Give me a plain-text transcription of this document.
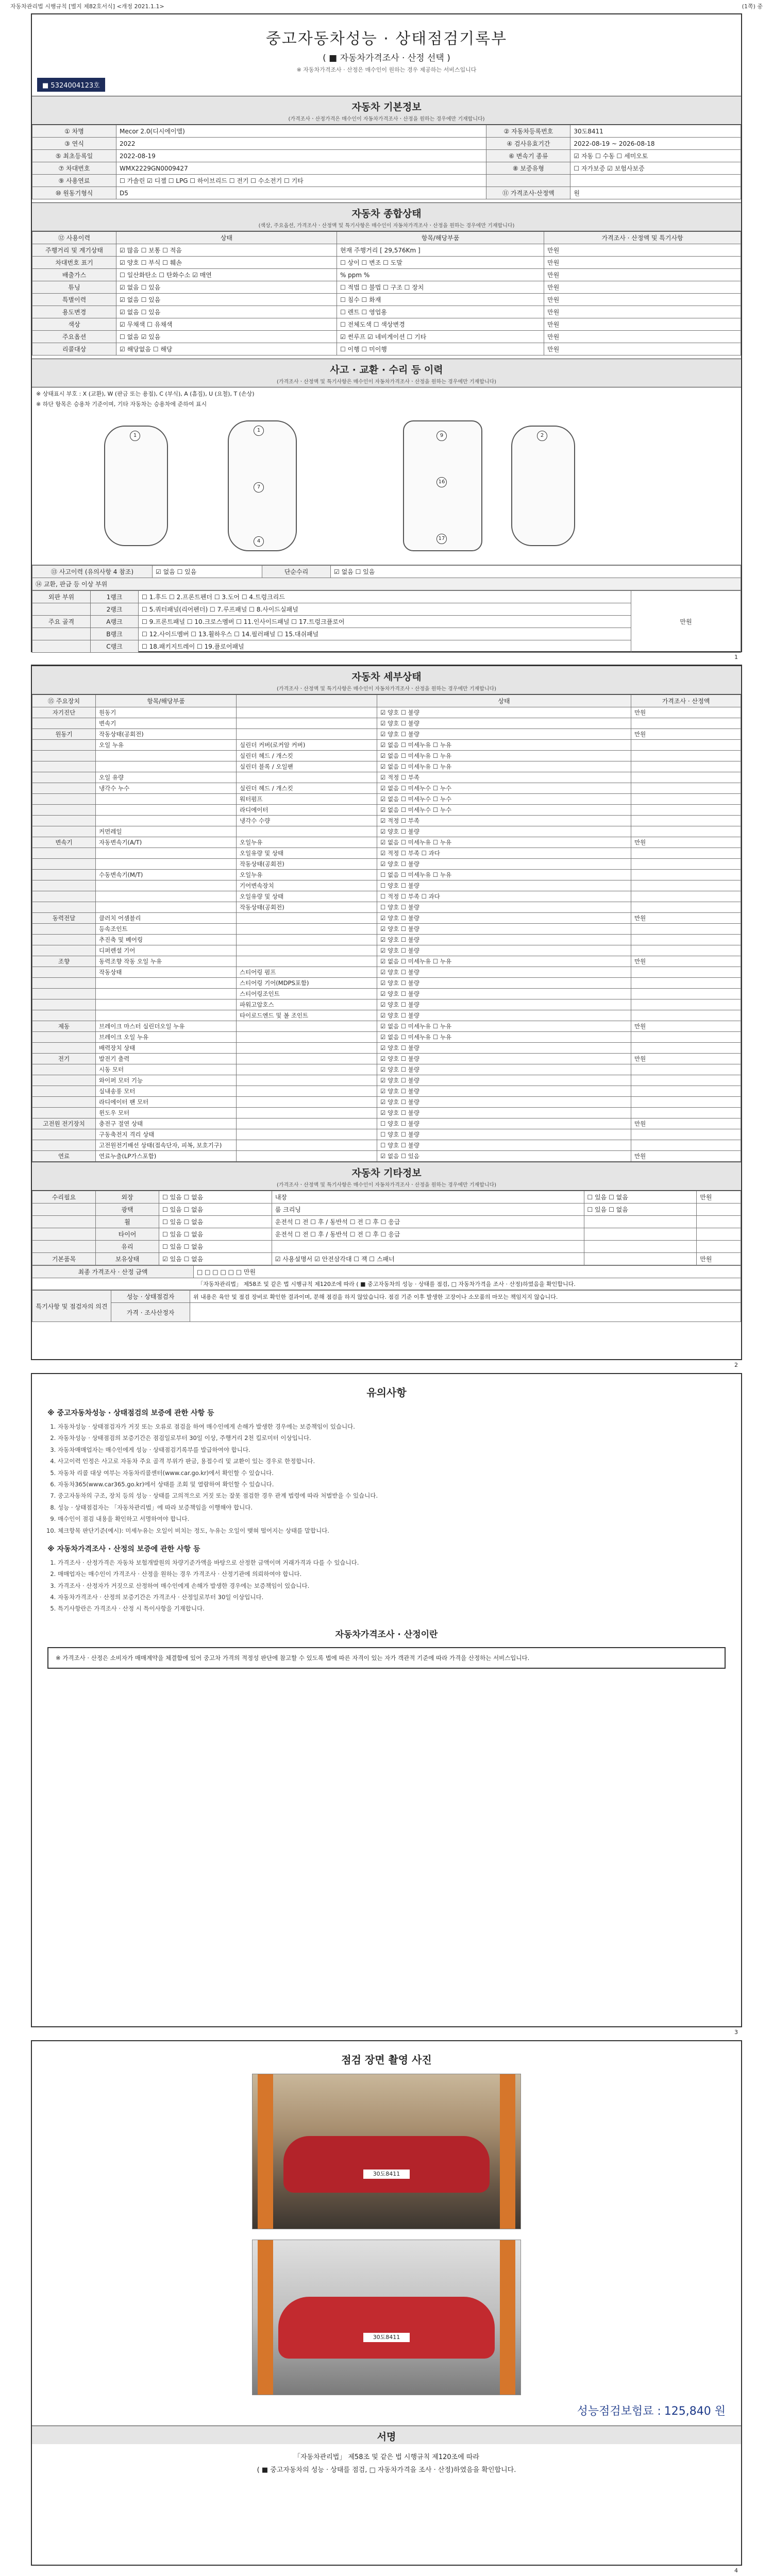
자동차관리법 시행규칙 [별지 제82호서식] <개정 2021.1.1>	(1쪽) 중
중고자동차성능 · 상태점검기록부
( ■ 자동차가격조사 · 산정 선택 )
※ 자동차가격조사 · 산정은 매수인이 원하는 경우 제공하는 서비스입니다
■ 5324004123호
자동차 기본정보
(가격조사ㆍ산정가격은 매수인이 자동차가격조사ㆍ산정을 원하는 경우에만 기재합니다)
① 차명	Mecor 2.0(디시에이앨)	② 자동차등록번호	30도8411
③ 연식	2022	④ 검사유효기간	2022-08-19 ~ 2026-08-18
⑤ 최초등록일	2022-08-19	⑥ 변속기 종류	☑ 자동 ☐ 수동 ☐ 세미오토
⑦ 차대번호	WMX2229GN0009427	⑧ 보증유형	☐ 자가보증 ☑ 보험사보증
⑨ 사용연료	☐ 가솔린 ☑ 디젤 ☐ LPG ☐ 하이브리드 ☐ 전기 ☐ 수소전기 ☐ 기타		
⑩ 원동기형식	D5	⑪ 가격조사·산정액	원
자동차 종합상태
(색상, 주요옵션, 가격조사ㆍ산정액 및 특기사항은 매수인이 자동차가격조사ㆍ산정을 원하는 경우에만 기재합니다)
⑫ 사용이력	상태	항목/해당부품	가격조사 · 산정액 및 특기사항
주행거리 및 계기상태	☑ 많음 ☐ 보통 ☐ 적음	현재 주행거리 [ 29,576Km ]	만원
차대번호 표기	☑ 양호 ☐ 부식 ☐ 훼손	☐ 상이 ☐ 변조 ☐ 도말	만원
배출가스	☐ 일산화탄소 ☐ 탄화수소 ☑ 매연	% ppm %	만원
튜닝	☑ 없음 ☐ 있음	☐ 적법 ☐ 불법 ☐ 구조 ☐ 장치	만원
특별이력	☑ 없음 ☐ 있음	☐ 침수 ☐ 화재	만원
용도변경	☑ 없음 ☐ 있음	☐ 렌트 ☐ 영업용	만원
색상	☑ 무채색 ☐ 유채색	☐ 전체도색 ☐ 색상변경	만원
주요옵션	☐ 없음 ☑ 있음	☑ 썬루프 ☑ 네비게이션 ☐ 기타	만원
리콜대상	☑ 해당없음 ☐ 해당	☐ 이행 ☐ 미이행	만원
사고 · 교환 · 수리 등 이력
(가격조사ㆍ산정액 및 특기사항은 매수인이 자동차가격조사ㆍ산정을 원하는 경우에만 기재합니다)
※ 상태표시 부호 : X (교환), W (판금 또는 용접), C (부식), A (흠집), U (요철), T (손상)
※ 하단 항목은 승용차 기준이며, 기타 자동차는 승용차에 준하여 표시
1
1
7
4
9
16
17
2
⑬ 사고이력 (유의사항 4 참조)	☑ 없음 ☐ 있음	단순수리	☑ 없음 ☐ 있음
⑭ 교환, 판금 등 이상 부위
외판 부위	1랭크	☐ 1.후드 ☐ 2.프론트펜더 ☐ 3.도어 ☐ 4.트렁크리드	만원
	2랭크	☐ 5.쿼터패널(리어펜더) ☐ 7.루프패널 ☐ 8.사이드실패널	
주요 골격	A랭크	☐ 9.프론트패널 ☐ 10.크로스멤버 ☐ 11.인사이드패널 ☐ 17.트렁크플로어	
	B랭크	☐ 12.사이드멤버 ☐ 13.휠하우스 ☐ 14.필러패널 ☐ 15.대쉬패널	
	C랭크	☐ 18.패키지트레이 ☐ 19.플로어패널	
1
자동차 세부상태
(가격조사ㆍ산정액 및 특기사항은 매수인이 자동차가격조사ㆍ산정을 원하는 경우에만 기재합니다)
⑮ 주요장치	항목/해당부품		상태	가격조사 · 산정액
자기진단	원동기		☑ 양호 ☐ 불량	만원
	변속기		☑ 양호 ☐ 불량	
원동기	작동상태(공회전)		☑ 양호 ☐ 불량	만원
	오일 누유	실린더 커버(로커암 커버)	☑ 없음 ☐ 미세누유 ☐ 누유	
		실린더 헤드 / 개스킷	☑ 없음 ☐ 미세누유 ☐ 누유	
		실린더 블록 / 오일팬	☑ 없음 ☐ 미세누유 ☐ 누유	
	오일 유량		☑ 적정 ☐ 부족	
	냉각수 누수	실린더 헤드 / 개스킷	☑ 없음 ☐ 미세누수 ☐ 누수	
		워터펌프	☑ 없음 ☐ 미세누수 ☐ 누수	
		라디에이터	☑ 없음 ☐ 미세누수 ☐ 누수	
		냉각수 수량	☑ 적정 ☐ 부족	
	커먼레일		☑ 양호 ☐ 불량	
변속기	자동변속기(A/T)	오일누유	☑ 없음 ☐ 미세누유 ☐ 누유	만원
		오일유량 및 상태	☑ 적정 ☐ 부족 ☐ 과다	
		작동상태(공회전)	☑ 양호 ☐ 불량	
	수동변속기(M/T)	오일누유	☐ 없음 ☐ 미세누유 ☐ 누유	
		기어변속장치	☐ 양호 ☐ 불량	
		오일유량 및 상태	☐ 적정 ☐ 부족 ☐ 과다	
		작동상태(공회전)	☐ 양호 ☐ 불량	
동력전달	클러치 어셈블리		☑ 양호 ☐ 불량	만원
	등속조인트		☑ 양호 ☐ 불량	
	추진축 및 베어링		☑ 양호 ☐ 불량	
	디퍼렌셜 기어		☑ 양호 ☐ 불량	
조향	동력조향 작동 오일 누유		☑ 없음 ☐ 미세누유 ☐ 누유	만원
	작동상태	스티어링 펌프	☑ 양호 ☐ 불량	
		스티어링 기어(MDPS포함)	☑ 양호 ☐ 불량	
		스티어링조인트	☑ 양호 ☐ 불량	
		파워고압호스	☑ 양호 ☐ 불량	
		타이로드엔드 및 볼 조인트	☑ 양호 ☐ 불량	
제동	브레이크 마스터 실린더오일 누유		☑ 없음 ☐ 미세누유 ☐ 누유	만원
	브레이크 오일 누유		☑ 없음 ☐ 미세누유 ☐ 누유	
	배력장치 상태		☑ 양호 ☐ 불량	
전기	발전기 출력		☑ 양호 ☐ 불량	만원
	시동 모터		☑ 양호 ☐ 불량	
	와이퍼 모터 기능		☑ 양호 ☐ 불량	
	실내송풍 모터		☑ 양호 ☐ 불량	
	라디에이터 팬 모터		☑ 양호 ☐ 불량	
	윈도우 모터		☑ 양호 ☐ 불량	
고전원 전기장치	충전구 절연 상태		☐ 양호 ☐ 불량	만원
	구동축전지 격리 상태		☐ 양호 ☐ 불량	
	고전원전기배선 상태(접속단자, 피복, 보호기구)		☐ 양호 ☐ 불량	
연료	연료누출(LP가스포함)		☑ 없음 ☐ 있음	만원
자동차 기타정보
(가격조사ㆍ산정액 및 특기사항은 매수인이 자동차가격조사ㆍ산정을 원하는 경우에만 기재합니다)
수리필요	외장	☐ 있음 ☐ 없음	내장	☐ 있음 ☐ 없음	만원
	광택	☐ 있음 ☐ 없음	룸 크리닝	☐ 있음 ☐ 없음	
	휠	☐ 있음 ☐ 없음	운전석 ☐ 전 ☐ 후 / 동반석 ☐ 전 ☐ 후 ☐ 응급		
	타이어	☐ 있음 ☐ 없음	운전석 ☐ 전 ☐ 후 / 동반석 ☐ 전 ☐ 후 ☐ 응급		
	유리	☐ 있음 ☐ 없음			
기본품목	보유상태	☑ 있음 ☐ 없음	☑ 사용설명서 ☑ 안전삼각대 ☐ 잭 ☐ 스패너		만원
최종 가격조사 · 산정 금액	□ □ □ □ □ □ 만원
「자동차관리법」 제58조 및 같은 법 시행규칙 제120조에 따라 ( ■ 중고자동차의 성능 · 상태를 점검, □ 자동차가격을 조사 · 산정)하였음을 확인합니다.
특기사항 및 점검자의 의견	성능 · 상태점검자	위 내용은 육안 및 점검 장비로 확인한 결과이며, 분해 점검을 하지 않았습니다. 점검 기준 이후 발생한 고장이나 소모품의 마모는 책임지지 않습니다.
	가격 · 조사산정자	
2
유의사항
※ 중고자동차성능 · 상태점검의 보증에 관한 사항 등
1. 자동차성능 · 상태점검자가 거짓 또는 오류로 점검을 하여 매수인에게 손해가 발생한 경우에는 보증책임이 있습니다.
2. 자동차성능 · 상태점검의 보증기간은 점검일로부터 30일 이상, 주행거리 2천 킬로미터 이상입니다.
3. 자동차매매업자는 매수인에게 성능 · 상태점검기록부를 발급하여야 합니다.
4. 사고이력 인정은 사고로 자동차 주요 골격 부위가 판금, 용접수리 및 교환이 있는 경우로 한정합니다.
5. 자동차 리콜 대상 여부는 자동차리콜센터(www.car.go.kr)에서 확인할 수 있습니다.
6. 자동차365(www.car365.go.kr)에서 상태를 조회 및 열람하여 확인할 수 있습니다.
7. 중고자동차의 구조, 장치 등의 성능 · 상태를 고의적으로 거짓 또는 잘못 점검한 경우 관계 법령에 따라 처벌받을 수 있습니다.
8. 성능 · 상태점검자는 「자동차관리법」에 따라 보증책임을 이행해야 합니다.
9. 매수인이 점검 내용을 확인하고 서명하여야 합니다.
10. 체크항목 판단기준(예시): 미세누유는 오일이 비치는 정도, 누유는 오일이 맺혀 떨어지는 상태를 말합니다.
※ 자동차가격조사 · 산정의 보증에 관한 사항 등
1. 가격조사 · 산정가격은 자동차 보험개발원의 차량기준가액을 바탕으로 산정한 금액이며 거래가격과 다를 수 있습니다.
2. 매매업자는 매수인이 가격조사 · 산정을 원하는 경우 가격조사 · 산정기관에 의뢰하여야 합니다.
3. 가격조사 · 산정자가 거짓으로 산정하여 매수인에게 손해가 발생한 경우에는 보증책임이 있습니다.
4. 자동차가격조사 · 산정의 보증기간은 가격조사 · 산정일로부터 30일 이상입니다.
5. 특기사항란은 가격조사 · 산정 시 특이사항을 기재합니다.
자동차가격조사 · 산정이란
※ 가격조사 · 산정은 소비자가 매매계약을 체결함에 있어 중고차 가격의 적정성 판단에 참고할 수 있도록 법에 따른 자격이 있는 자가 객관적 기준에 따라 가격을 산정하는 서비스입니다.
3
점검 장면 촬영 사진
30도8411
30도8411
성능점검보험료 : 125,840 원
서명
「자동차관리법」 제58조 및 같은 법 시행규칙 제120조에 따라
( ■ 중고자동차의 성능 · 상태를 점검, □ 자동차가격을 조사 · 산정)하였음을 확인합니다.
4
